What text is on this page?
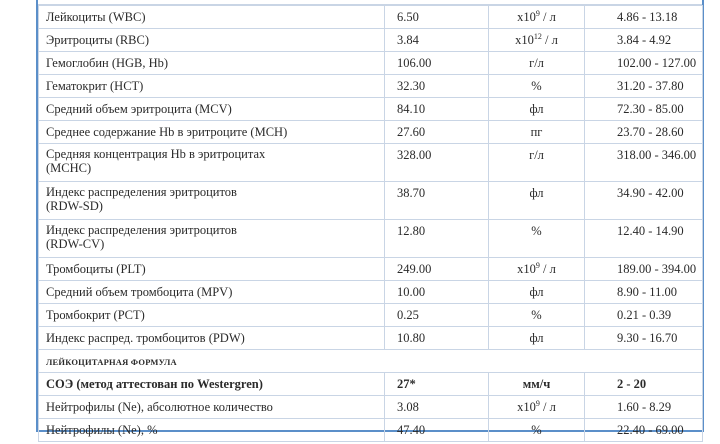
Лейкоциты (WBC)	6.50	$x10^9$ / л	4.86 - 13.18
Эритроциты (RBC)	3.84	$x10^{12}$ / л	3.84 - 4.92
Гемоглобин (HGB, Hb)	106.00	г/л	102.00 - 127.00
Гематокрит (HCT)	32.30	%	31.20 - 37.80
Средний объем эритроцита (MCV)	84.10	фл	72.30 - 85.00
Среднее содержание Hb в эритроците (MCH)	27.60	пг	23.70 - 28.60

Средняя концентрация Hb в эритроцитах
(MCHC)	328.00	г/л	318.00 - 346.00

Индекс распределения эритроцитов
(RDW-SD)	38.70	фл	34.90 - 42.00

Индекс распределения эритроцитов
(RDW-CV)	12.80	%	12.40 - 14.90
Тромбоциты (PLT)	249.00	$x10^9$ / л	189.00 - 394.00
Средний объем тромбоцита (MPV)	10.00	фл	8.90 - 11.00
Тромбокрит (PCT)	0.25	%	0.21 - 0.39
Индекс распред. тромбоцитов (PDW)	10.80	фл	9.30 - 16.70
ЛЕЙКОЦИТАРНАЯ ФОРМУЛА			
СОЭ (метод аттестован по Westergren)	27*	мм/ч	2 - 20
Нейтрофилы (Ne), абсолютное количество	3.08	$x10^9$ / л	1.60 - 8.29
Нейтрофилы (Ne), %	47.40	%	22.40 - 69.00
